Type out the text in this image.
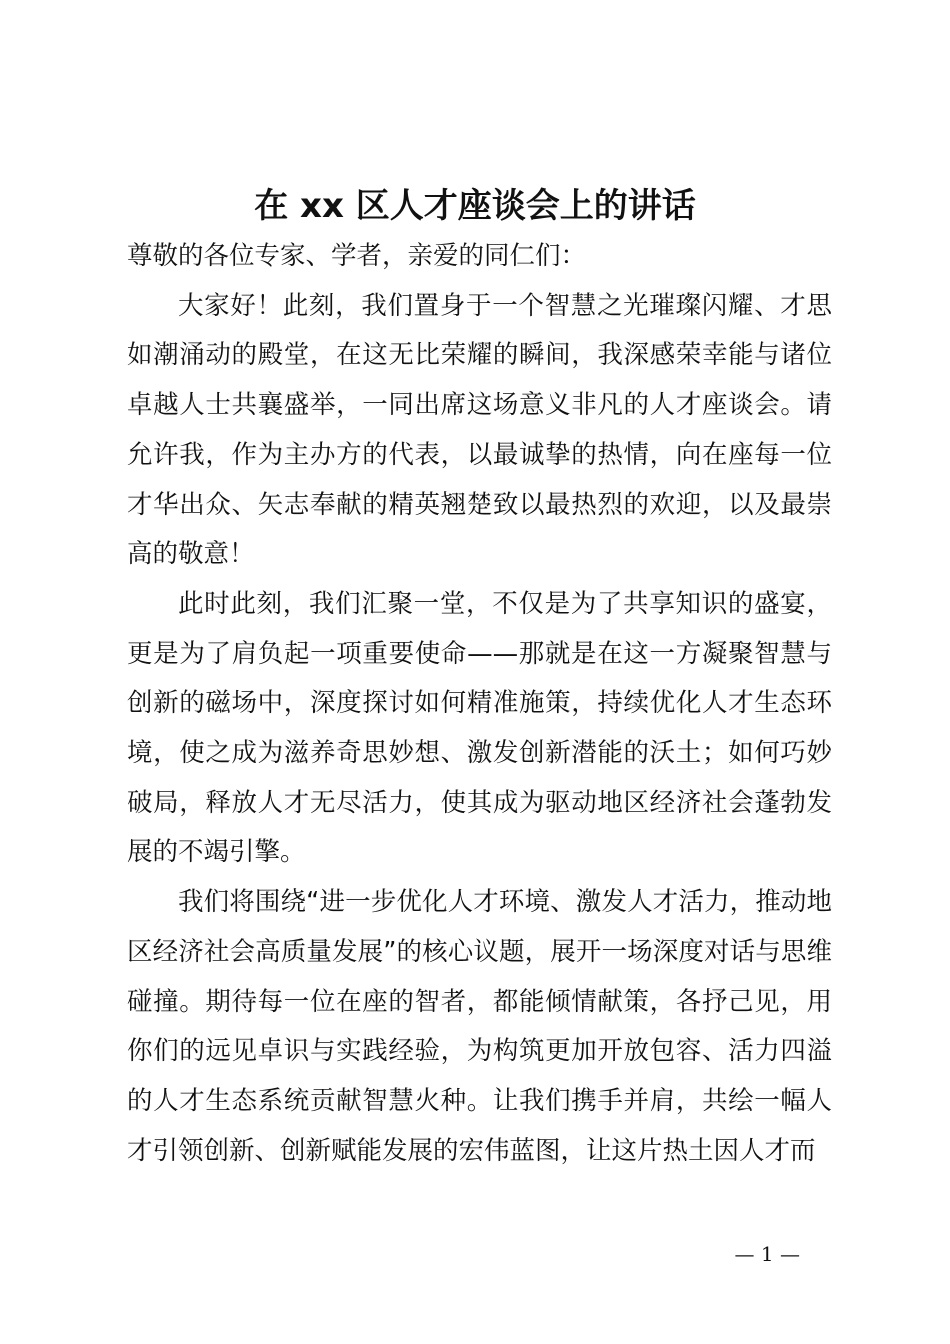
在 xx 区人才座谈会上的讲话

尊敬的各位专家、学者，亲爱的同仁们：

大家好！此刻，我们置身于一个智慧之光璀璨闪耀、才思如潮涌动的殿堂，在这无比荣耀的瞬间，我深感荣幸能与诸位卓越人士共襄盛举，一同出席这场意义非凡的人才座谈会。请允许我，作为主办方的代表，以最诚挚的热情，向在座每一位才华出众、矢志奉献的精英翘楚致以最热烈的欢迎，以及最崇高的敬意！

此时此刻，我们汇聚一堂，不仅是为了共享知识的盛宴，更是为了肩负起一项重要使命——那就是在这一方凝聚智慧与创新的磁场中，深度探讨如何精准施策，持续优化人才生态环境，使之成为滋养奇思妙想、激发创新潜能的沃土；如何巧妙破局，释放人才无尽活力，使其成为驱动地区经济社会蓬勃发展的不竭引擎。

我们将围绕“进一步优化人才环境、激发人才活力，推动地区经济社会高质量发展”的核心议题，展开一场深度对话与思维碰撞。期待每一位在座的智者，都能倾情献策，各抒己见，用你们的远见卓识与实践经验，为构筑更加开放包容、活力四溢的人才生态系统贡献智慧火种。让我们携手并肩，共绘一幅人才引领创新、创新赋能发展的宏伟蓝图，让这片热土因人才而

— 1 —
